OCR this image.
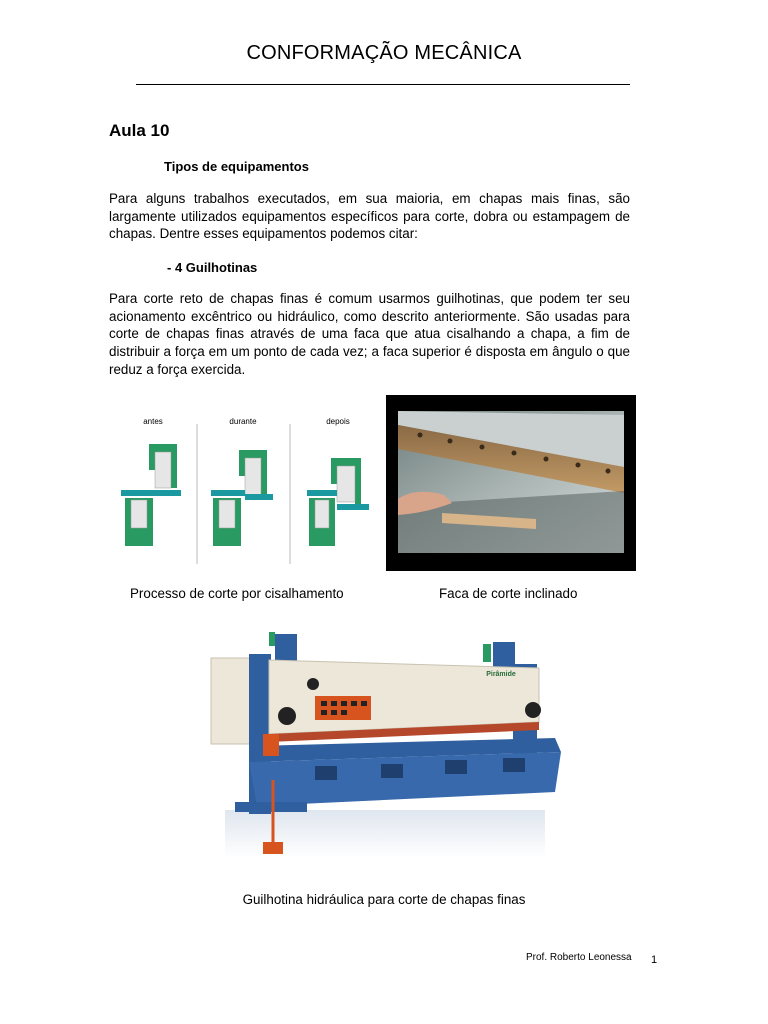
CONFORMAÇÃO MECÂNICA
Aula 10
Tipos de equipamentos
Para alguns trabalhos executados, em sua maioria, em chapas mais finas, são largamente utilizados equipamentos específicos para corte, dobra ou estampagem de chapas. Dentre esses equipamentos podemos citar:
- 4 Guilhotinas
Para corte reto de chapas finas é comum usarmos guilhotinas, que podem ter seu acionamento excêntrico ou hidráulico, como descrito anteriormente. São usadas para corte de chapas finas através de uma faca que atua cisalhando a chapa, a fim de distribuir a força em um ponto de cada vez; a faca superior é disposta em ângulo o que reduz a força exercida.
antes	durante	depois
Processo de corte por cisalhamento	Faca de corte inclinado
Pirâmide
Guilhotina hidráulica para corte de chapas finas
Prof. Roberto Leonessa 1
